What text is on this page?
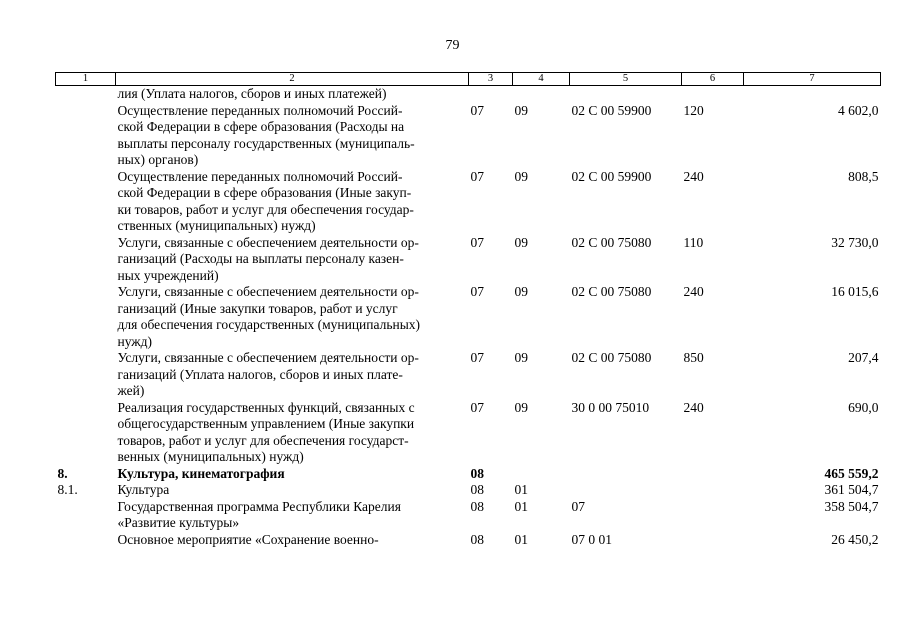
79
1	2	3	4	5	6	7
	лия (Уплата налогов, сборов и иных платежей)					
	Осуществление переданных полномочий Россий-
ской Федерации в сфере образования (Расходы на
выплаты персоналу государственных (муниципаль-
ных) органов)	07	09	02 С 00 59900	120	4 602,0
	Осуществление переданных полномочий Россий-
ской Федерации в сфере образования (Иные закуп-
ки товаров, работ и услуг для обеспечения государ-
ственных (муниципальных) нужд)	07	09	02 С 00 59900	240	808,5
	Услуги, связанные с обеспечением деятельности ор-
ганизаций (Расходы на выплаты персоналу казен-
ных учреждений)	07	09	02 С 00 75080	110	32 730,0
	Услуги, связанные с обеспечением деятельности ор-
ганизаций (Иные закупки товаров, работ и услуг
для обеспечения государственных (муниципальных)
нужд)	07	09	02 С 00 75080	240	16 015,6
	Услуги, связанные с обеспечением деятельности ор-
ганизаций (Уплата налогов, сборов и иных плате-
жей)	07	09	02 С 00 75080	850	207,4
	Реализация государственных функций, связанных с
общегосударственным управлением (Иные закупки
товаров, работ и услуг для обеспечения государст-
венных (муниципальных) нужд)	07	09	30 0 00 75010	240	690,0
8.	Культура, кинематография	08				465 559,2
8.1.	Культура	08	01			361 504,7
	Государственная программа Республики Карелия
«Развитие культуры»	08	01	07		358 504,7
	Основное мероприятие «Сохранение военно-	08	01	07 0 01		26 450,2
